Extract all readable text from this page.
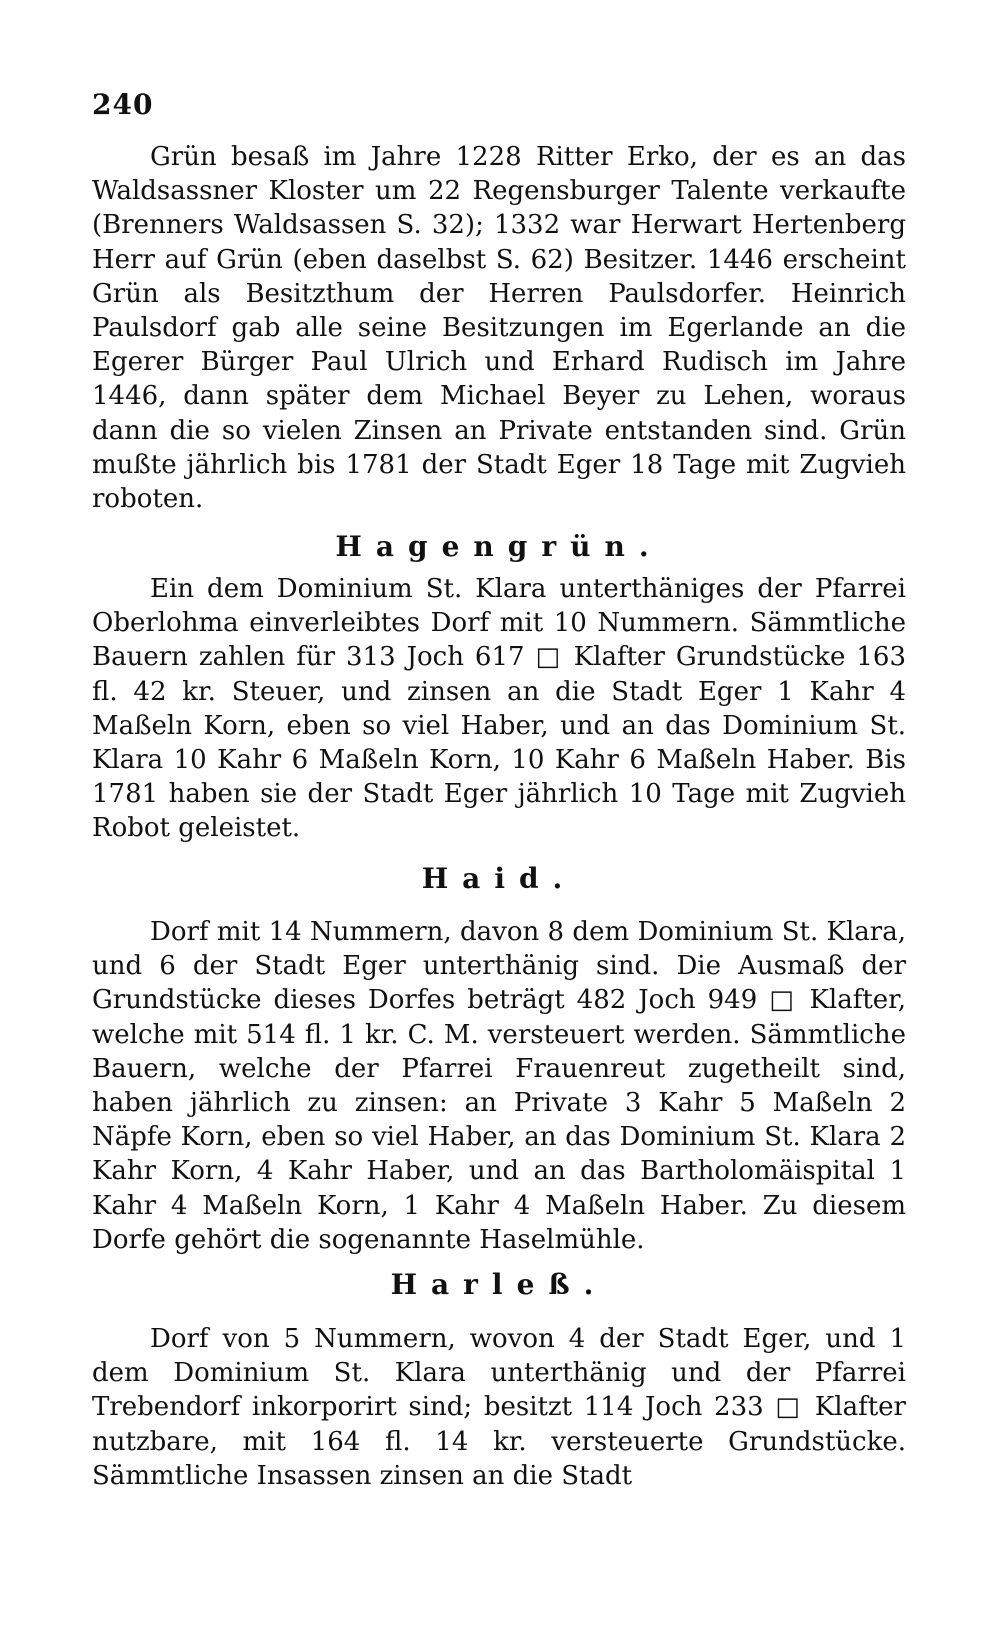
240

Grün besaß im Jahre 1228 Ritter Erko, der es an das Waldsassner Kloster um 22 Regensburger Talente verkaufte (Brenners Waldsassen S. 32); 1332 war Herwart Hertenberg Herr auf Grün (eben daselbst S. 62) Besitzer. 1446 erscheint Grün als Besitzthum der Herren Paulsdorfer. Heinrich Paulsdorf gab alle seine Besitzungen im Egerlande an die Egerer Bürger Paul Ulrich und Erhard Rudisch im Jahre 1446, dann später dem Michael Beyer zu Lehen, woraus dann die so vielen Zinsen an Private entstanden sind. Grün mußte jährlich bis 1781 der Stadt Eger 18 Tage mit Zugvieh roboten.

Hagengrün.

Ein dem Dominium St. Klara unterthäniges der Pfarrei Oberlohma einverleibtes Dorf mit 10 Nummern. Sämmtliche Bauern zahlen für 313 Joch 617 □ Klafter Grundstücke 163 fl. 42 kr. Steuer, und zinsen an die Stadt Eger 1 Kahr 4 Maßeln Korn, eben so viel Haber, und an das Dominium St. Klara 10 Kahr 6 Maßeln Korn, 10 Kahr 6 Maßeln Haber. Bis 1781 haben sie der Stadt Eger jährlich 10 Tage mit Zugvieh Robot geleistet.

Haid.

Dorf mit 14 Nummern, davon 8 dem Dominium St. Klara, und 6 der Stadt Eger unterthänig sind. Die Ausmaß der Grundstücke dieses Dorfes beträgt 482 Joch 949 □ Klafter, welche mit 514 fl. 1 kr. C. M. versteuert werden. Sämmtliche Bauern, welche der Pfarrei Frauenreut zugetheilt sind, haben jährlich zu zinsen: an Private 3 Kahr 5 Maßeln 2 Näpfe Korn, eben so viel Haber, an das Dominium St. Klara 2 Kahr Korn, 4 Kahr Haber, und an das Bartholomäispital 1 Kahr 4 Maßeln Korn, 1 Kahr 4 Maßeln Haber. Zu diesem Dorfe gehört die sogenannte Haselmühle.

Harleß.

Dorf von 5 Nummern, wovon 4 der Stadt Eger, und 1 dem Dominium St. Klara unterthänig und der Pfarrei Trebendorf inkorporirt sind; besitzt 114 Joch 233 □ Klafter nutzbare, mit 164 fl. 14 kr. versteuerte Grundstücke. Sämmtliche Insassen zinsen an die Stadt
